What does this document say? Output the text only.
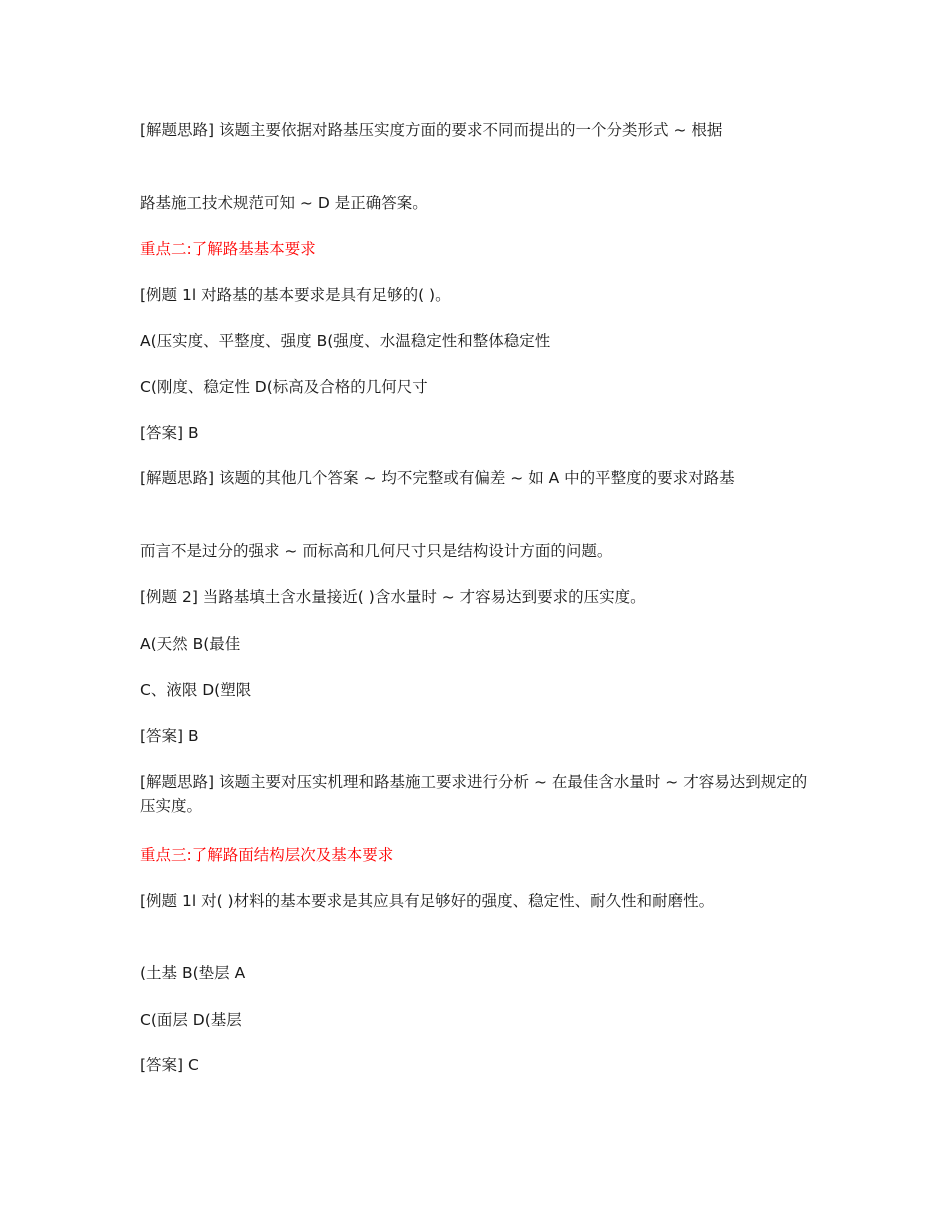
[解题思路] 该题主要依据对路基压实度方面的要求不同而提出的一个分类形式 ~ 根据
路基施工技术规范可知 ~ D 是正确答案。
重点二:了解路基基本要求
[例题 1l 对路基的基本要求是具有足够的( )。
A(压实度、平整度、强度 B(强度、水温稳定性和整体稳定性
C(刚度、稳定性 D(标高及合格的几何尺寸
[答案] B
[解题思路] 该题的其他几个答案 ~ 均不完整或有偏差 ~ 如 A 中的平整度的要求对路基
而言不是过分的强求 ~ 而标高和几何尺寸只是结构设计方面的问题。
[例题 2] 当路基填土含水量接近( )含水量时 ~ 才容易达到要求的压实度。
A(天然 B(最佳
C、液限 D(塑限
[答案] B
[解题思路] 该题主要对压实机理和路基施工要求进行分析 ~ 在最佳含水量时 ~ 才容易达到规定的压实度。
重点三:了解路面结构层次及基本要求
[例题 1l 对( )材料的基本要求是其应具有足够好的强度、稳定性、耐久性和耐磨性。
(土基 B(垫层 A
C(面层 D(基层
[答案] C
